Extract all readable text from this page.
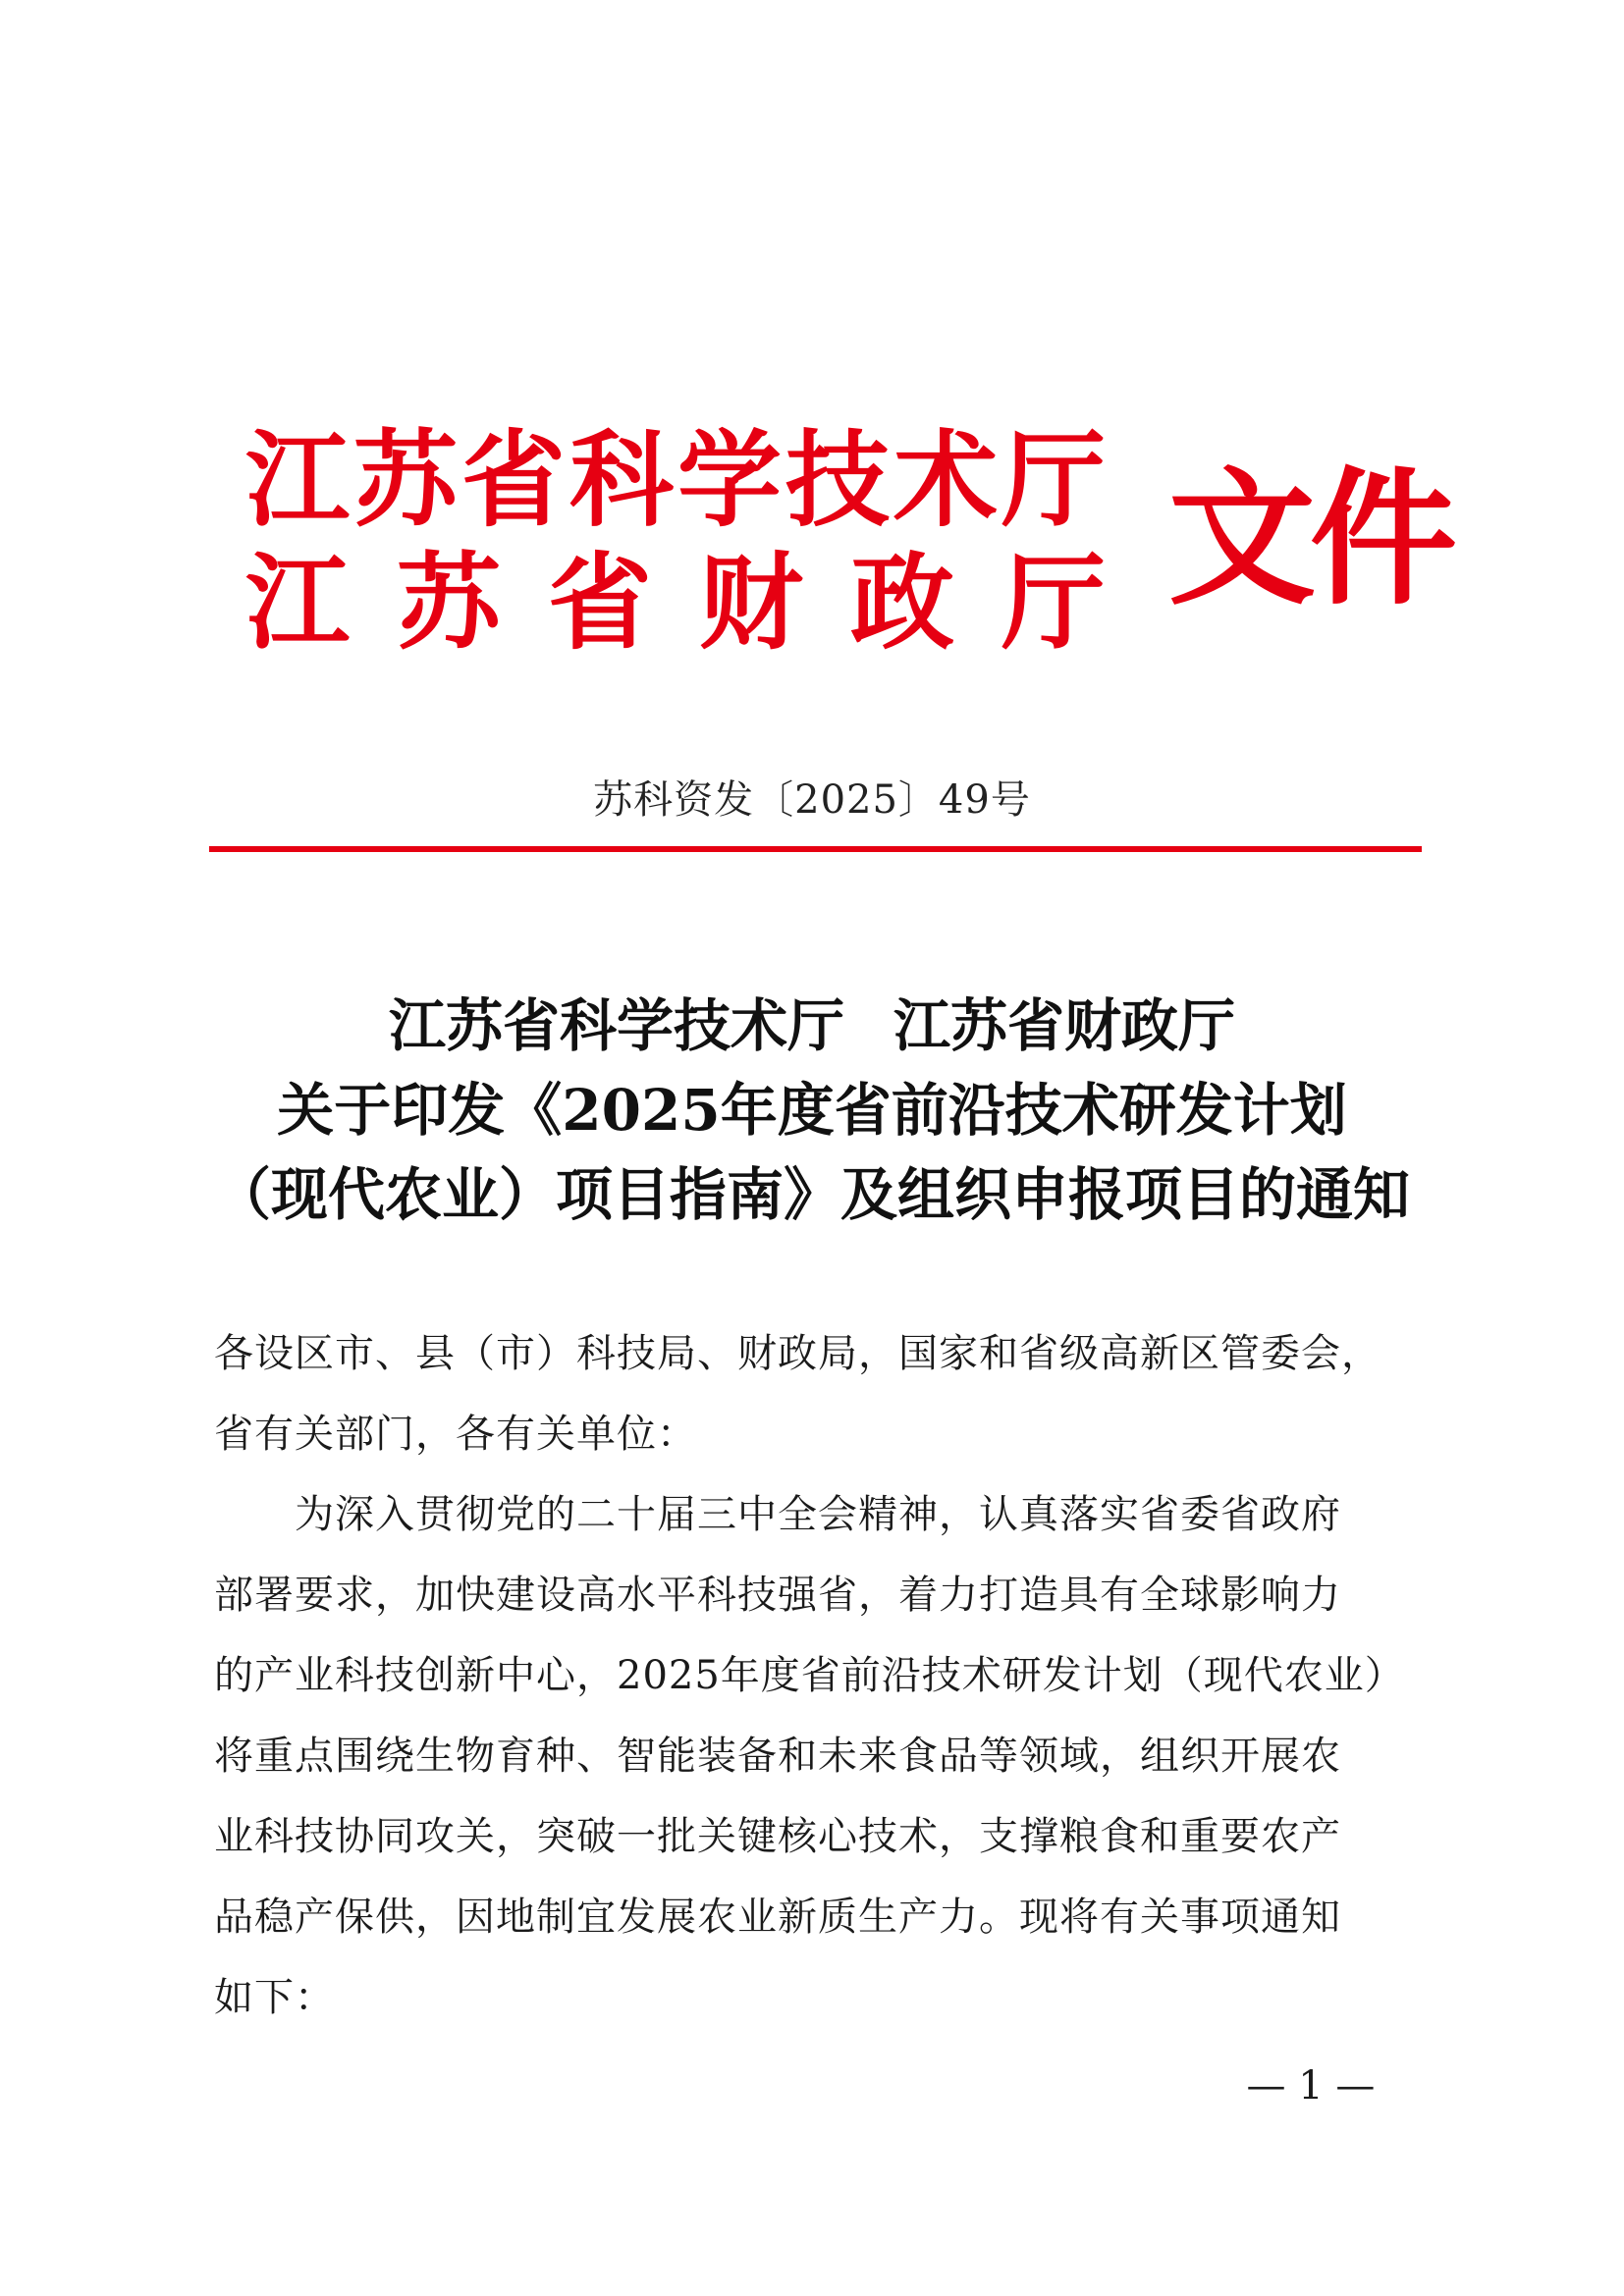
江苏省科学技术厅
江苏省财政厅 文件
苏科资发〔2025〕49号
江苏省科学技术厅 江苏省财政厅
关于印发《2025年度省前沿技术研发计划
（现代农业）项目指南》及组织申报项目的通知
各设区市、县（市）科技局、财政局，国家和省级高新区管委会，
省有关部门，各有关单位：
为深入贯彻党的二十届三中全会精神，认真落实省委省政府
部署要求，加快建设高水平科技强省，着力打造具有全球影响力
的产业科技创新中心，2025年度省前沿技术研发计划（现代农业）
将重点围绕生物育种、智能装备和未来食品等领域，组织开展农
业科技协同攻关，突破一批关键核心技术，支撑粮食和重要农产
品稳产保供，因地制宜发展农业新质生产力。现将有关事项通知
如下：
— 1 —
